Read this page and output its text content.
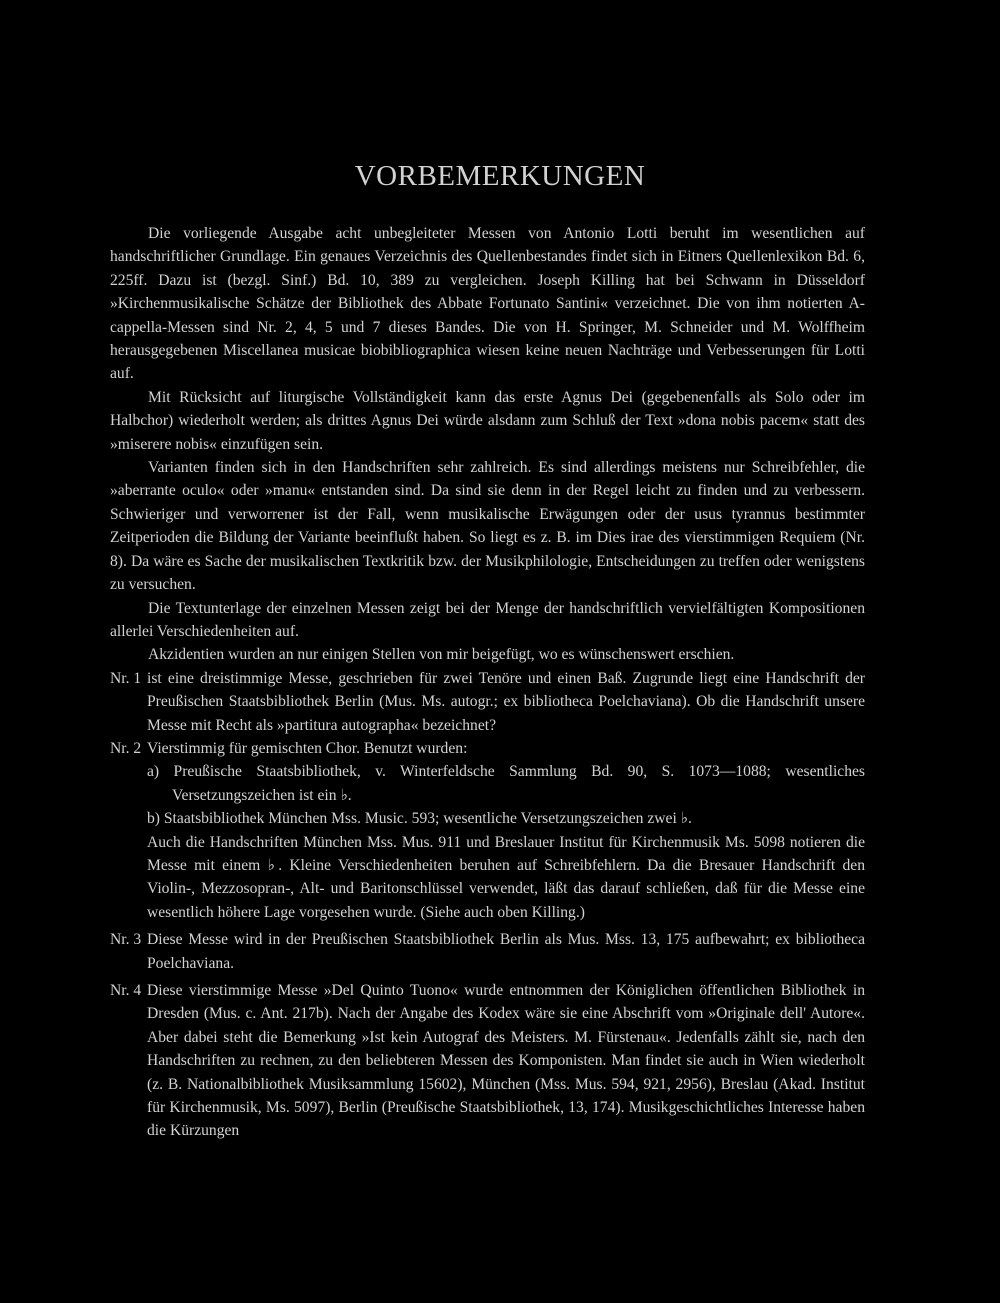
VORBEMERKUNGEN

Die vorliegende Ausgabe acht unbegleiteter Messen von Antonio Lotti beruht im wesentlichen auf handschriftlicher Grundlage. Ein genaues Verzeichnis des Quellenbestandes findet sich in Eitners Quellenlexikon Bd. 6, 225ff. Dazu ist (bezgl. Sinf.) Bd. 10, 389 zu vergleichen. Joseph Killing hat bei Schwann in Düsseldorf »Kirchenmusikalische Schätze der Bibliothek des Abbate Fortunato Santini« verzeichnet. Die von ihm notierten A-cappella-Messen sind Nr. 2, 4, 5 und 7 dieses Bandes. Die von H. Springer, M. Schneider und M. Wolffheim herausgegebenen Miscellanea musicae biobibliographica wiesen keine neuen Nachträge und Verbesserungen für Lotti auf.

Mit Rücksicht auf liturgische Vollständigkeit kann das erste Agnus Dei (gegebenenfalls als Solo oder im Halbchor) wiederholt werden; als drittes Agnus Dei würde alsdann zum Schluß der Text »dona nobis pacem« statt des »miserere nobis« einzufügen sein.

Varianten finden sich in den Handschriften sehr zahlreich. Es sind allerdings meistens nur Schreibfehler, die »aberrante oculo« oder »manu« entstanden sind. Da sind sie denn in der Regel leicht zu finden und zu verbessern. Schwieriger und verworrener ist der Fall, wenn musikalische Erwägungen oder der usus tyrannus bestimmter Zeitperioden die Bildung der Variante beeinflußt haben. So liegt es z. B. im Dies irae des vierstimmigen Requiem (Nr. 8). Da wäre es Sache der musikalischen Textkritik bzw. der Musikphilologie, Entscheidungen zu treffen oder wenigstens zu versuchen.

Die Textunterlage der einzelnen Messen zeigt bei der Menge der handschriftlich vervielfältigten Kompositionen allerlei Verschiedenheiten auf.

Akzidentien wurden an nur einigen Stellen von mir beigefügt, wo es wünschenswert erschien.

Nr. 1 ist eine dreistimmige Messe, geschrieben für zwei Tenöre und einen Baß. Zugrunde liegt eine Handschrift der Preußischen Staatsbibliothek Berlin (Mus. Ms. autogr.; ex bibliotheca Poelchaviana). Ob die Handschrift unsere Messe mit Recht als »partitura autographa« bezeichnet?
Nr. 2 Vierstimmig für gemischten Chor. Benutzt wurden:

a) Preußische Staatsbibliothek, v. Winterfeldsche Sammlung Bd. 90, S. 1073—1088; wesentliches Versetzungszeichen ist ein ♭.

b) Staatsbibliothek München Mss. Music. 593; wesentliche Versetzungszeichen zwei ♭.

Auch die Handschriften München Mss. Mus. 911 und Breslauer Institut für Kirchenmusik Ms. 5098 notieren die Messe mit einem ♭. Kleine Verschiedenheiten beruhen auf Schreibfehlern. Da die Bresauer Handschrift den Violin-, Mezzosopran-, Alt- und Baritonschlüssel verwendet, läßt das darauf schließen, daß für die Messe eine wesentlich höhere Lage vorgesehen wurde. (Siehe auch oben Killing.)

Nr. 3 Diese Messe wird in der Preußischen Staatsbibliothek Berlin als Mus. Mss. 13, 175 aufbewahrt; ex bibliotheca Poelchaviana.
Nr. 4 Diese vierstimmige Messe »Del Quinto Tuono« wurde entnommen der Königlichen öffentlichen Bibliothek in Dresden (Mus. c. Ant. 217b). Nach der Angabe des Kodex wäre sie eine Abschrift vom »Originale dell' Autore«. Aber dabei steht die Bemerkung »Ist kein Autograf des Meisters. M. Fürstenau«. Jedenfalls zählt sie, nach den Handschriften zu rechnen, zu den beliebteren Messen des Komponisten. Man findet sie auch in Wien wiederholt (z. B. Nationalbibliothek Musiksammlung 15602), München (Mss. Mus. 594, 921, 2956), Breslau (Akad. Institut für Kirchenmusik, Ms. 5097), Berlin (Preußische Staatsbibliothek, 13, 174). Musikgeschichtliches Interesse haben die Kürzungen
